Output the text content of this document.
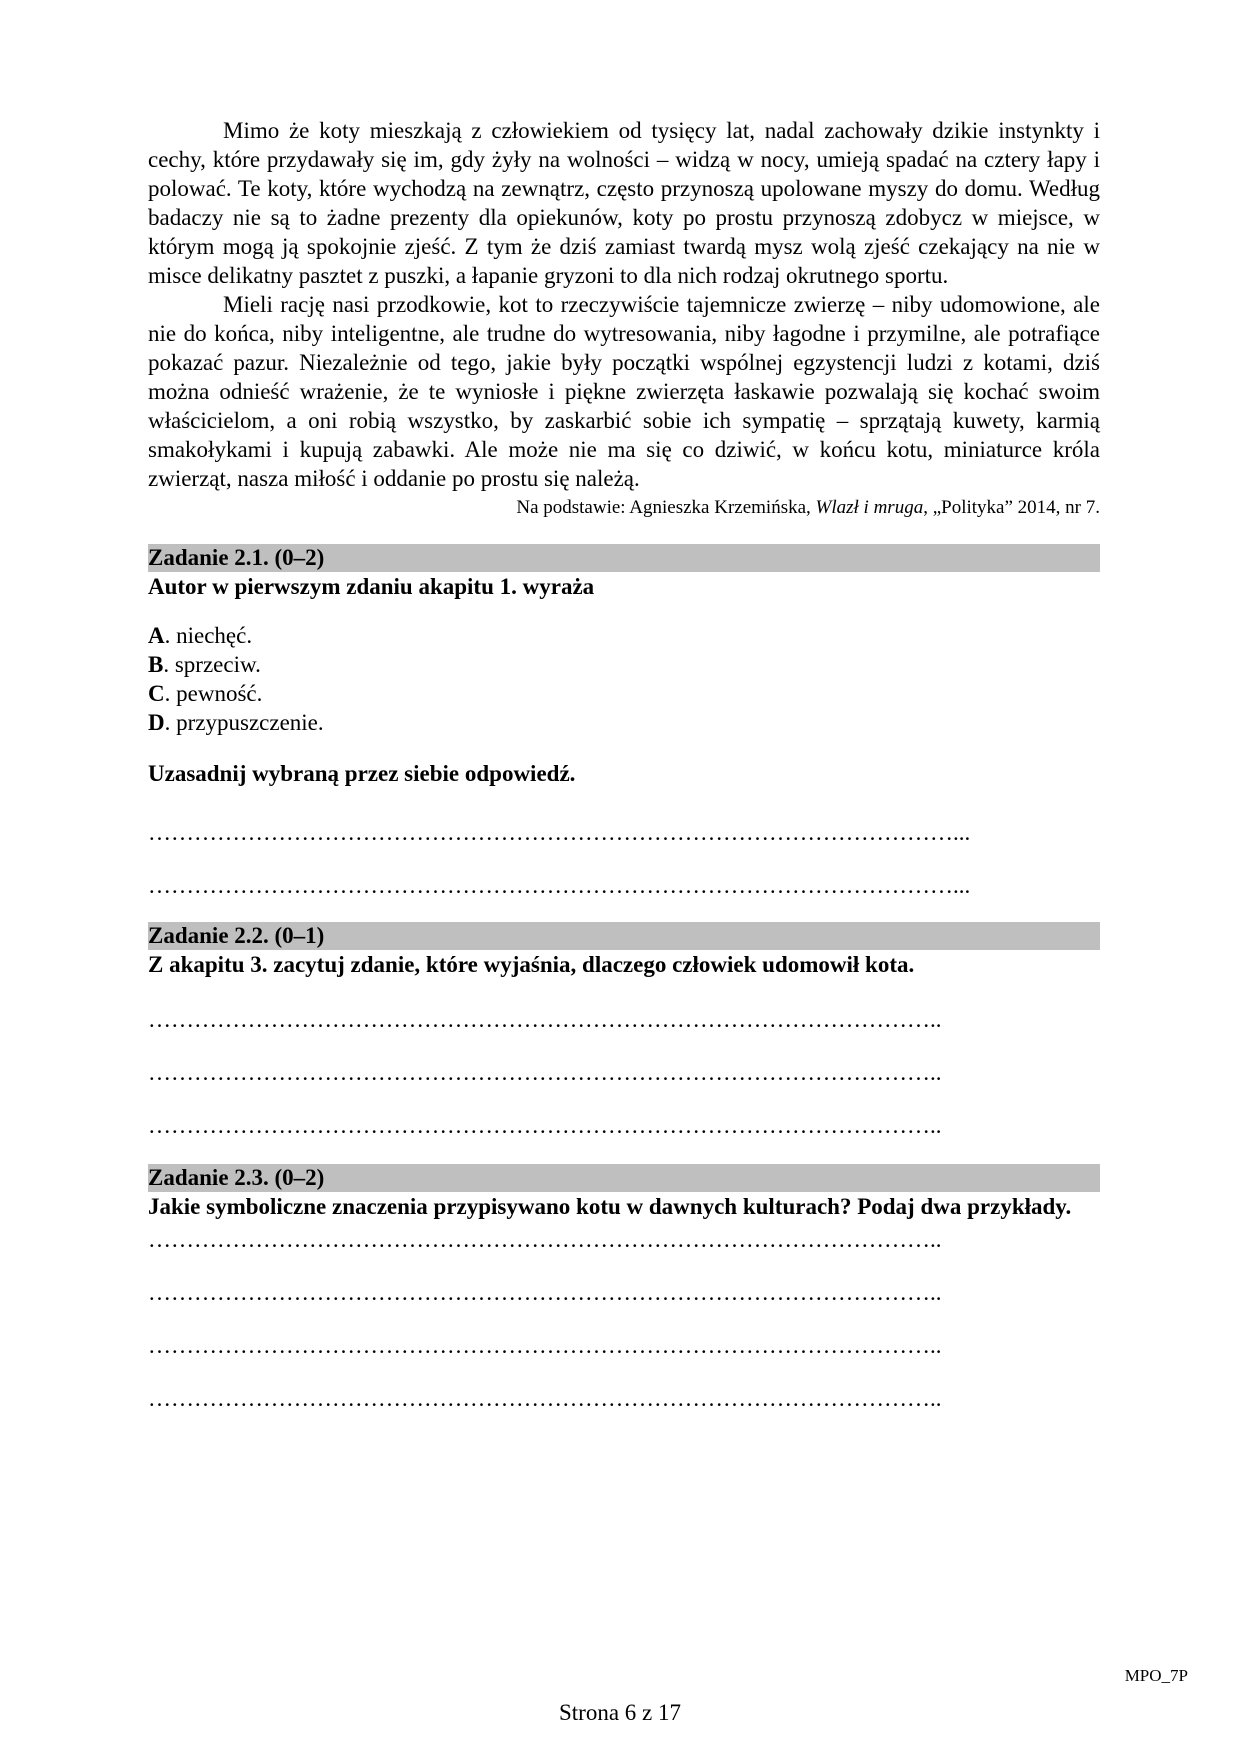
Mimo że koty mieszkają z człowiekiem od tysięcy lat, nadal zachowały dzikie instynkty i cechy, które przydawały się im, gdy żyły na wolności – widzą w nocy, umieją spadać na cztery łapy i polować. Te koty, które wychodzą na zewnątrz, często przynoszą upolowane myszy do domu. Według badaczy nie są to żadne prezenty dla opiekunów, koty po prostu przynoszą zdobycz w miejsce, w którym mogą ją spokojnie zjeść. Z tym że dziś zamiast twardą mysz wolą zjeść czekający na nie w misce delikatny pasztet z puszki, a łapanie gryzoni to dla nich rodzaj okrutnego sportu.

Mieli rację nasi przodkowie, kot to rzeczywiście tajemnicze zwierzę – niby udomowione, ale nie do końca, niby inteligentne, ale trudne do wytresowania, niby łagodne i przymilne, ale potrafiące pokazać pazur. Niezależnie od tego, jakie były początki wspólnej egzystencji ludzi z kotami, dziś można odnieść wrażenie, że te wyniosłe i piękne zwierzęta łaskawie pozwalają się kochać swoim właścicielom, a oni robią wszystko, by zaskarbić sobie ich sympatię – sprzątają kuwety, karmią smakołykami i kupują zabawki. Ale może nie ma się co dziwić, w końcu kotu, miniaturce króla zwierząt, nasza miłość i oddanie po prostu się należą.

Na podstawie: Agnieszka Krzemińska, Wlazł i mruga, „Polityka” 2014, nr 7.
Zadanie 2.1. (0–2)
Autor w pierwszym zdaniu akapitu 1. wyraża
A. niechęć.
B. sprzeciw.
C. pewność.
D. przypuszczenie.
Uzasadnij wybraną przez siebie odpowiedź.
……………………………………………………………………………………………...
……………………………………………………………………………………………...
Zadanie 2.2. (0–1)
Z akapitu 3. zacytuj zdanie, które wyjaśnia, dlaczego człowiek udomowił kota.
…………………………………………………………………………………………..
…………………………………………………………………………………………..
…………………………………………………………………………………………..
Zadanie 2.3. (0–2)
Jakie symboliczne znaczenia przypisywano kotu w dawnych kulturach? Podaj dwa przykłady.
…………………………………………………………………………………………..
…………………………………………………………………………………………..
…………………………………………………………………………………………..
…………………………………………………………………………………………..
MPO_7P
Strona 6 z 17
